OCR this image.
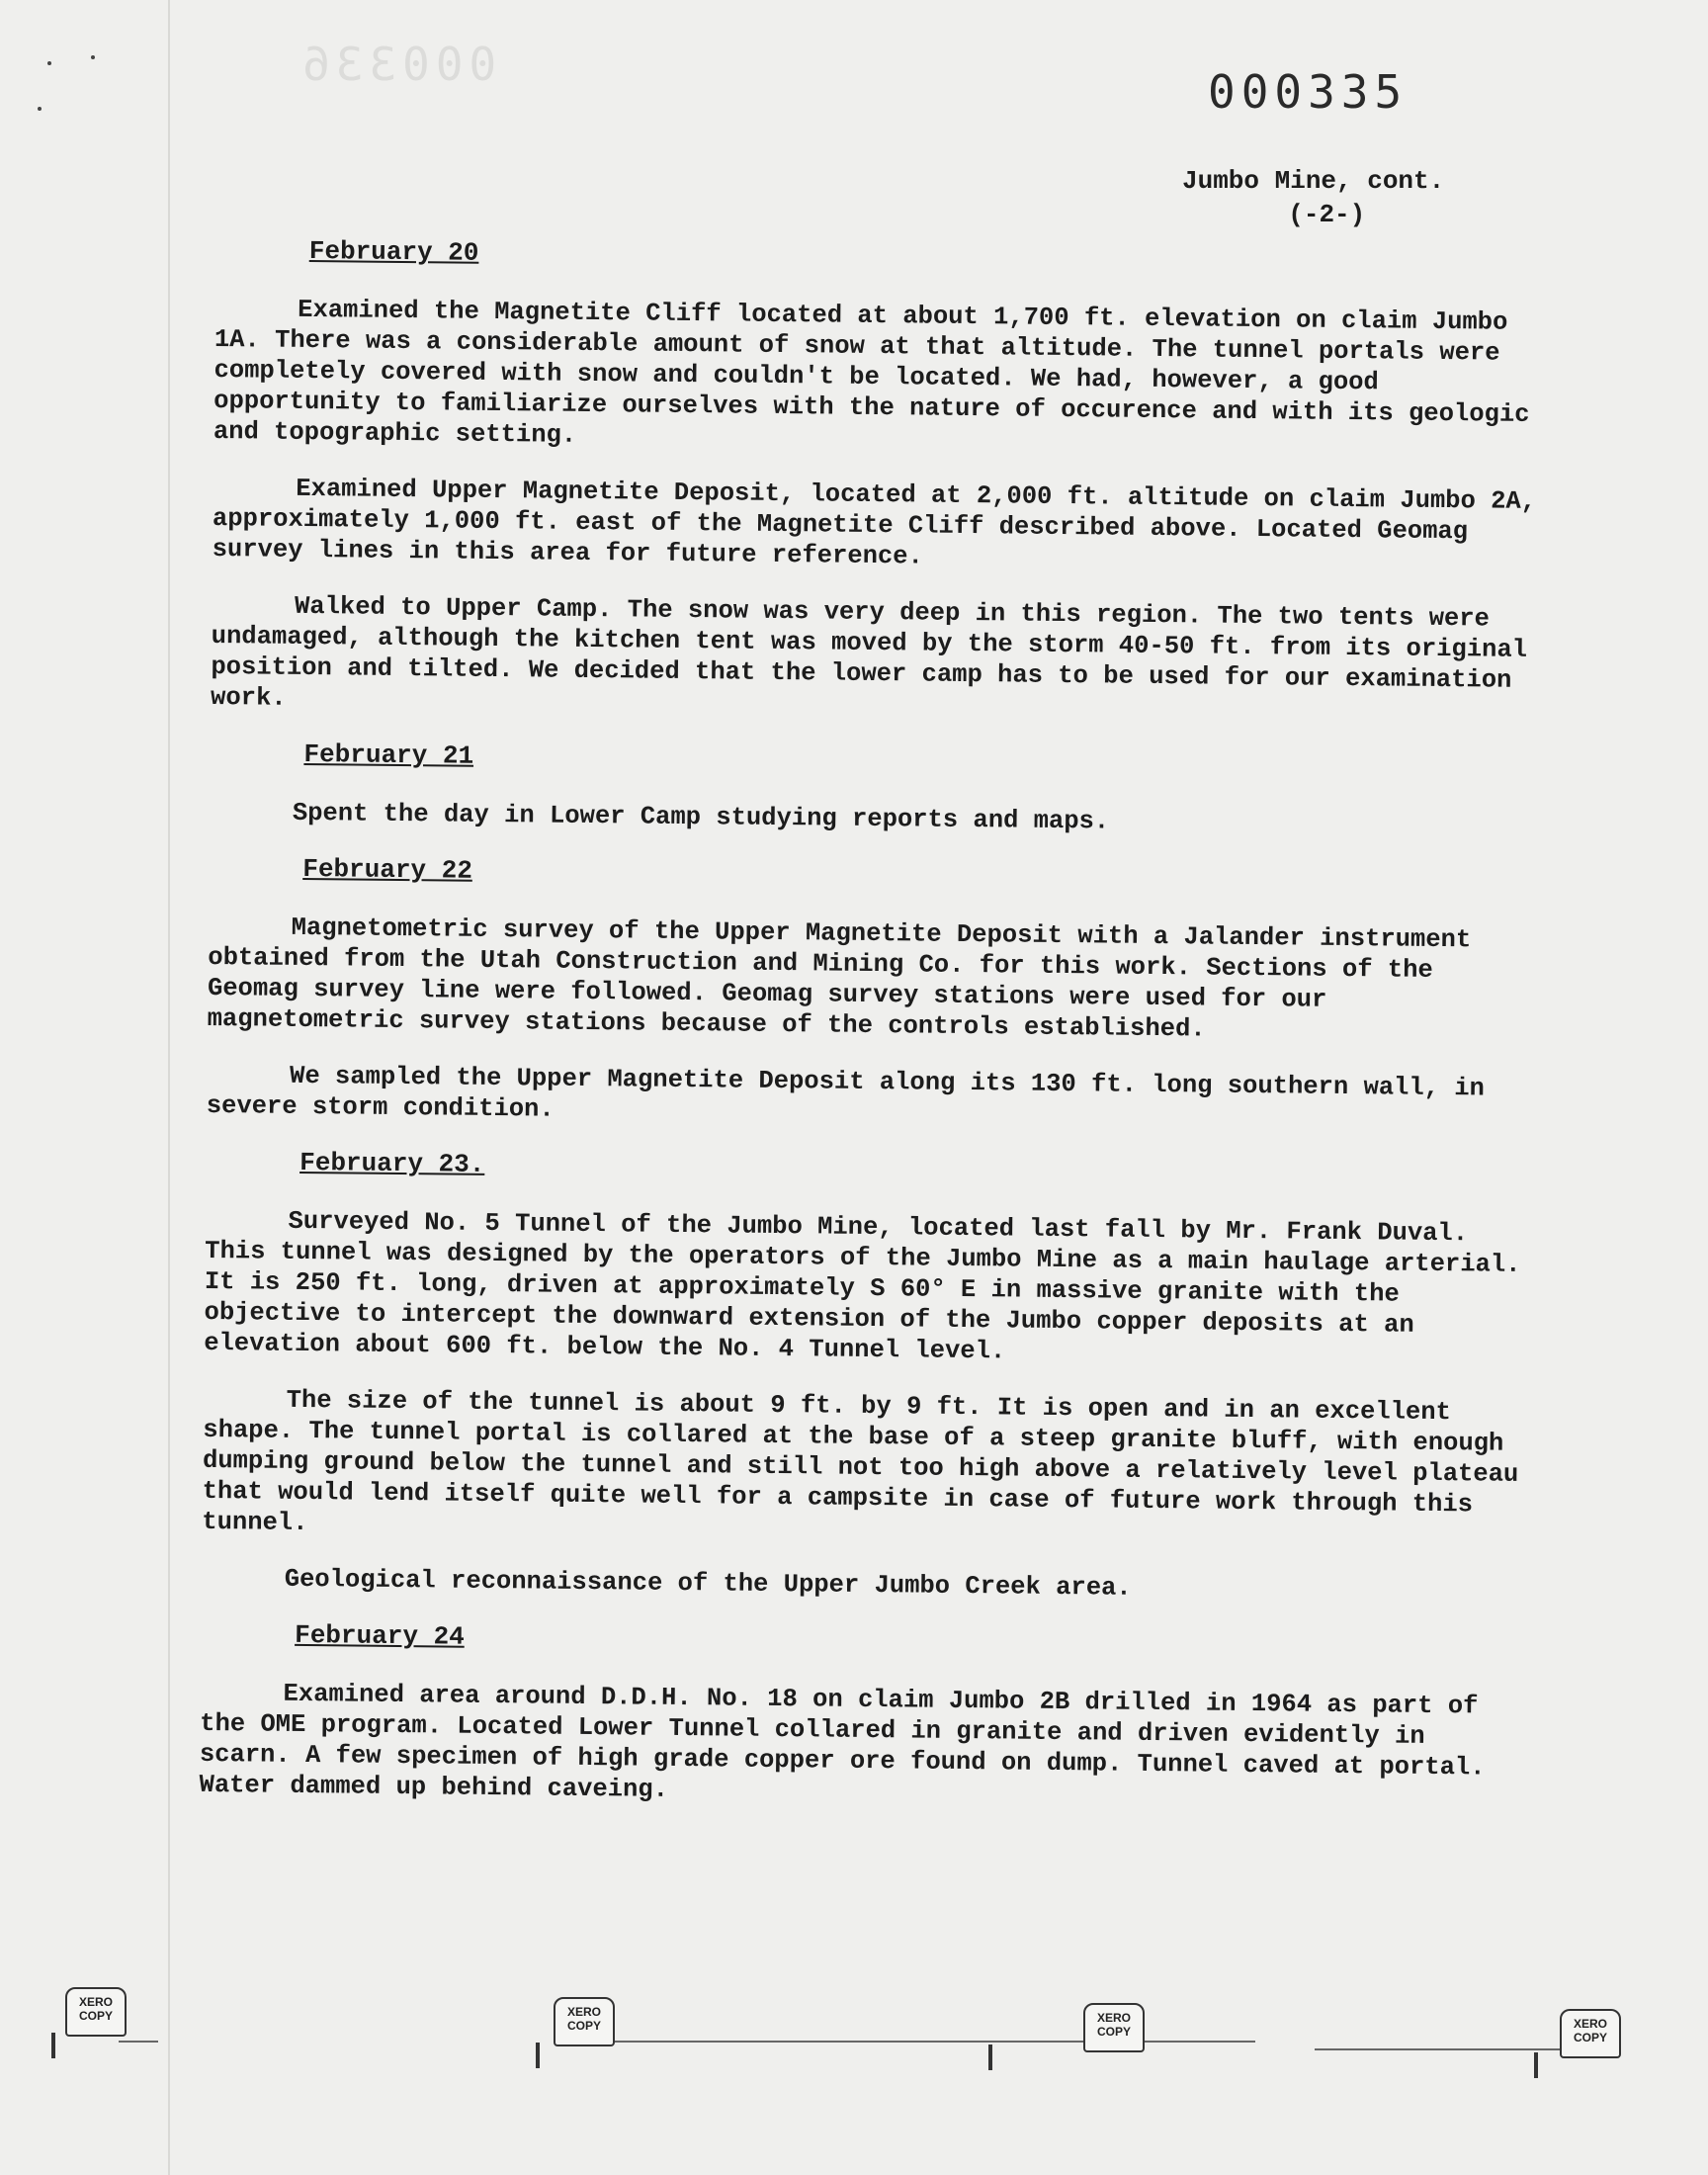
000336
000335
Jumbo Mine, cont.
(-2-)
February 20

Examined the Magnetite Cliff located at about 1,700 ft. elevation on claim Jumbo 1A. There was a considerable amount of snow at that altitude. The tunnel portals were completely covered with snow and couldn't be located. We had, however, a good opportunity to familiarize ourselves with the nature of occurence and with its geologic and topographic setting.

Examined Upper Magnetite Deposit, located at 2,000 ft. altitude on claim Jumbo 2A, approximately 1,000 ft. east of the Magnetite Cliff described above. Located Geomag survey lines in this area for future reference.

Walked to Upper Camp. The snow was very deep in this region. The two tents were undamaged, although the kitchen tent was moved by the storm 40-50 ft. from its original position and tilted. We decided that the lower camp has to be used for our examination work.

February 21

Spent the day in Lower Camp studying reports and maps.

February 22

Magnetometric survey of the Upper Magnetite Deposit with a Jalander instrument obtained from the Utah Construction and Mining Co. for this work. Sections of the Geomag survey line were followed. Geomag survey stations were used for our magnetometric survey stations because of the controls established.

We sampled the Upper Magnetite Deposit along its 130 ft. long southern wall, in severe storm condition.

February 23.

Surveyed No. 5 Tunnel of the Jumbo Mine, located last fall by Mr. Frank Duval. This tunnel was designed by the operators of the Jumbo Mine as a main haulage arterial. It is 250 ft. long, driven at approximately S 60° E in massive granite with the objective to intercept the downward extension of the Jumbo copper deposits at an elevation about 600 ft. below the No. 4 Tunnel level.

The size of the tunnel is about 9 ft. by 9 ft. It is open and in an excellent shape. The tunnel portal is collared at the base of a steep granite bluff, with enough dumping ground below the tunnel and still not too high above a relatively level plateau that would lend itself quite well for a campsite in case of future work through this tunnel.

Geological reconnaissance of the Upper Jumbo Creek area.

February 24

Examined area around D.D.H. No. 18 on claim Jumbo 2B drilled in 1964 as part of the OME program. Located Lower Tunnel collared in granite and driven evidently in scarn. A few specimen of high grade copper ore found on dump. Tunnel caved at portal. Water dammed up behind caveing.

XERO
COPY	XERO
COPY
XERO
COPY
XERO
COPY
